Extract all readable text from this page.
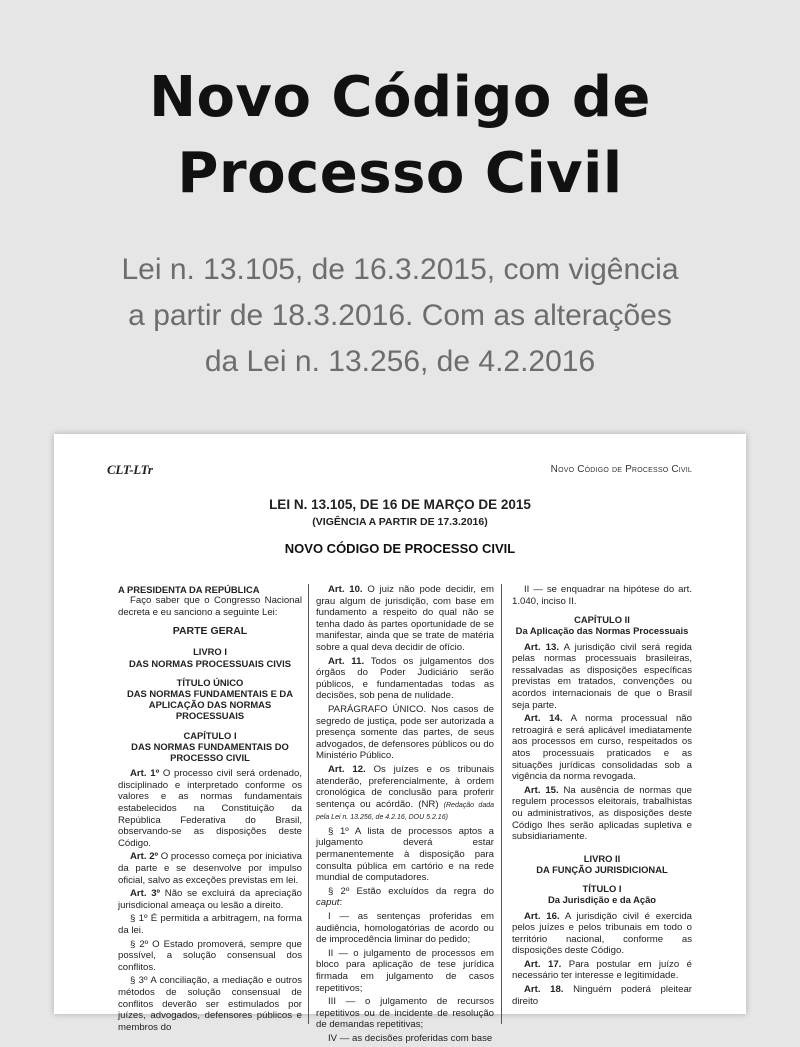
Novo Código de
Processo Civil
Lei n. 13.105, de 16.3.2015, com vigência
a partir de 18.3.2016. Com as alterações
da Lei n. 13.256, de 4.2.2016
CLT-LTr	Novo Código de Processo Civil
LEI N. 13.105, DE 16 DE MARÇO DE 2015
(VIGÊNCIA A PARTIR DE 17.3.2016)
NOVO CÓDIGO DE PROCESSO CIVIL
A PRESIDENTA DA REPÚBLICA

Faço saber que o Congresso Nacional decreta e eu sanciono a seguinte Lei:

PARTE GERAL
LIVRO I
DAS NORMAS PROCESSUAIS CIVIS
TÍTULO ÚNICO
DAS NORMAS FUNDAMENTAIS E DA APLICAÇÃO DAS NORMAS PROCESSUAIS
CAPÍTULO I
DAS NORMAS FUNDAMENTAIS DO PROCESSO CIVIL

Art. 1º O processo civil será ordenado, disciplinado e interpretado conforme os valores e as normas fundamentais estabelecidos na Constituição da República Federativa do Brasil, observando-se as disposições deste Código.

Art. 2º O processo começa por iniciativa da parte e se desenvolve por impulso oficial, salvo as exceções previstas em lei.

Art. 3º Não se excluirá da apreciação jurisdicional ameaça ou lesão a direito.

§ 1º É permitida a arbitragem, na forma da lei.

§ 2º O Estado promoverá, sempre que possível, a solução consensual dos conflitos.

§ 3º A conciliação, a mediação e outros métodos de solução consensual de conflitos deverão ser estimulados por juízes, advogados, defensores públicos e membros do

Art. 10. O juiz não pode decidir, em grau algum de jurisdição, com base em fundamento a respeito do qual não se tenha dado às partes oportunidade de se manifestar, ainda que se trate de matéria sobre a qual deva decidir de ofício.

Art. 11. Todos os julgamentos dos órgãos do Poder Judiciário serão públicos, e fundamentadas todas as decisões, sob pena de nulidade.

PARÁGRAFO ÚNICO. Nos casos de segredo de justiça, pode ser autorizada a presença somente das partes, de seus advogados, de defensores públicos ou do Ministério Público.

Art. 12. Os juízes e os tribunais atenderão, preferencialmente, à ordem cronológica de conclusão para proferir sentença ou acórdão. (NR) (Redação dada pela Lei n. 13.256, de 4.2.16, DOU 5.2.16)

§ 1º A lista de processos aptos a julgamento deverá estar permanentemente à disposição para consulta pública em cartório e na rede mundial de computadores.

§ 2º Estão excluídos da regra do caput:

I — as sentenças proferidas em audiência, homologatórias de acordo ou de improcedência liminar do pedido;

II — o julgamento de processos em bloco para aplicação de tese jurídica firmada em julgamento de casos repetitivos;

III — o julgamento de recursos repetitivos ou de incidente de resolução de demandas repetitivas;

IV — as decisões proferidas com base

II — se enquadrar na hipótese do art. 1.040, inciso II.

CAPÍTULO II
Da Aplicação das Normas Processuais

Art. 13. A jurisdição civil será regida pelas normas processuais brasileiras, ressalvadas as disposições específicas previstas em tratados, convenções ou acordos internacionais de que o Brasil seja parte.

Art. 14. A norma processual não retroagirá e será aplicável imediatamente aos processos em curso, respeitados os atos processuais praticados e as situações jurídicas consolidadas sob a vigência da norma revogada.

Art. 15. Na ausência de normas que regulem processos eleitorais, trabalhistas ou administrativos, as disposições deste Código lhes serão aplicadas supletiva e subsidiariamente.

LIVRO II
DA FUNÇÃO JURISDICIONAL
TÍTULO I
Da Jurisdição e da Ação

Art. 16. A jurisdição civil é exercida pelos juízes e pelos tribunais em todo o território nacional, conforme as disposições deste Código.

Art. 17. Para postular em juízo é necessário ter interesse e legitimidade.

Art. 18. Ninguém poderá pleitear direito
